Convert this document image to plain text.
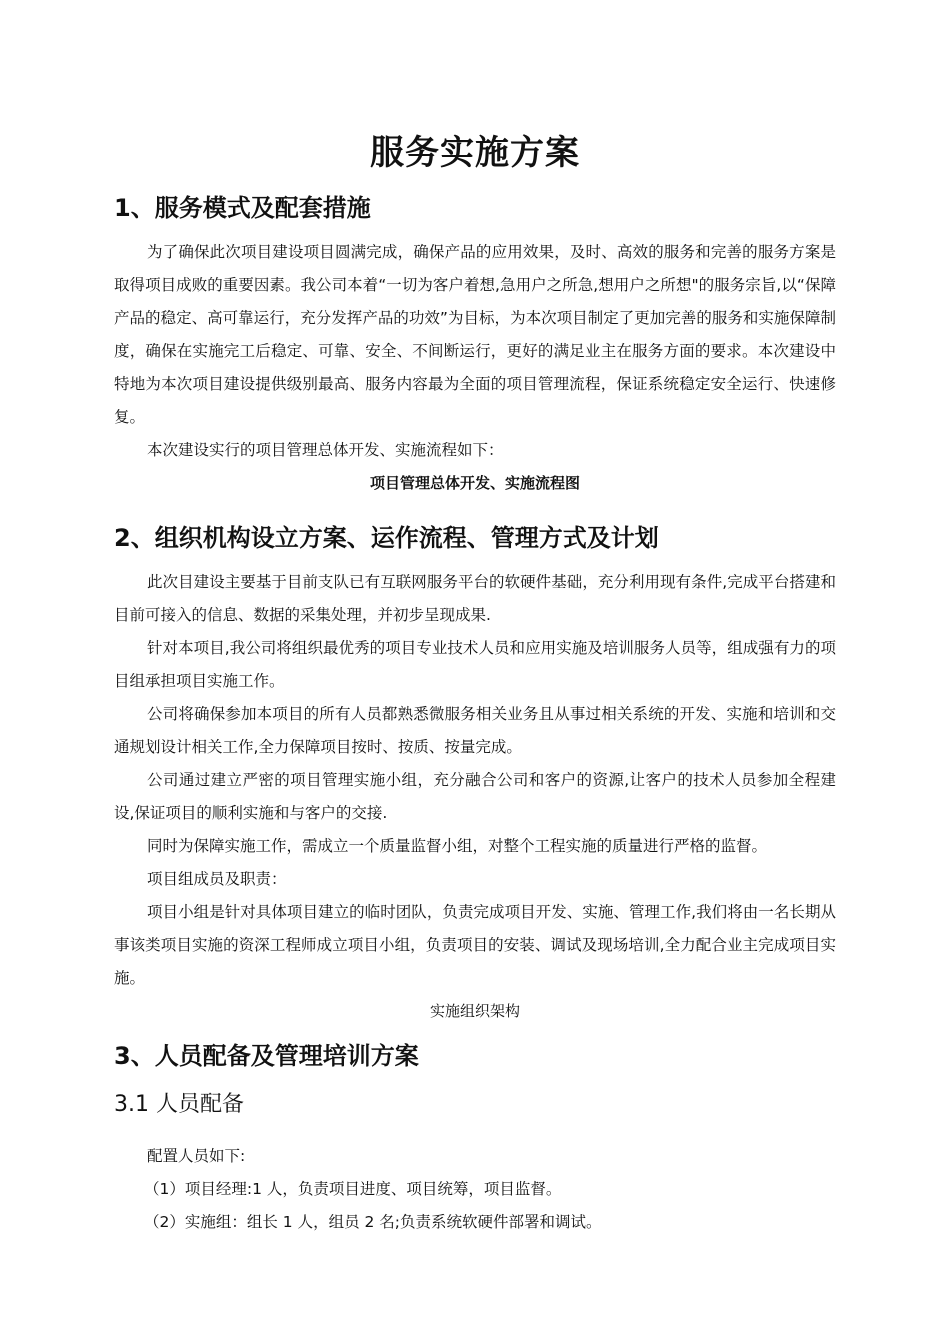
服务实施方案
1、服务模式及配套措施

为了确保此次项目建设项目圆满完成，确保产品的应用效果，及时、高效的服务和完善的服务方案是取得项目成败的重要因素。我公司本着“一切为客户着想,急用户之所急,想用户之所想"的服务宗旨,以“保障产品的稳定、高可靠运行，充分发挥产品的功效”为目标，为本次项目制定了更加完善的服务和实施保障制度，确保在实施完工后稳定、可靠、安全、不间断运行，更好的满足业主在服务方面的要求。本次建设中特地为本次项目建设提供级别最高、服务内容最为全面的项目管理流程，保证系统稳定安全运行、快速修复。

本次建设实行的项目管理总体开发、实施流程如下：

项目管理总体开发、实施流程图
2、组织机构设立方案、运作流程、管理方式及计划

此次目建设主要基于目前支队已有互联网服务平台的软硬件基础，充分利用现有条件,完成平台搭建和目前可接入的信息、数据的采集处理，并初步呈现成果.

针对本项目,我公司将组织最优秀的项目专业技术人员和应用实施及培训服务人员等，组成强有力的项目组承担项目实施工作。

公司将确保参加本项目的所有人员都熟悉微服务相关业务且从事过相关系统的开发、实施和培训和交通规划设计相关工作,全力保障项目按时、按质、按量完成。

公司通过建立严密的项目管理实施小组，充分融合公司和客户的资源,让客户的技术人员参加全程建设,保证项目的顺利实施和与客户的交接.

同时为保障实施工作，需成立一个质量监督小组，对整个工程实施的质量进行严格的监督。

项目组成员及职责：

项目小组是针对具体项目建立的临时团队，负责完成项目开发、实施、管理工作,我们将由一名长期从事该类项目实施的资深工程师成立项目小组，负责项目的安装、调试及现场培训,全力配合业主完成项目实施。

实施组织架构
3、人员配备及管理培训方案
3.1 人员配备

配置人员如下:

（1）项目经理:1 人，负责项目进度、项目统筹，项目监督。

（2）实施组：组长 1 人，组员 2 名;负责系统软硬件部署和调试。
